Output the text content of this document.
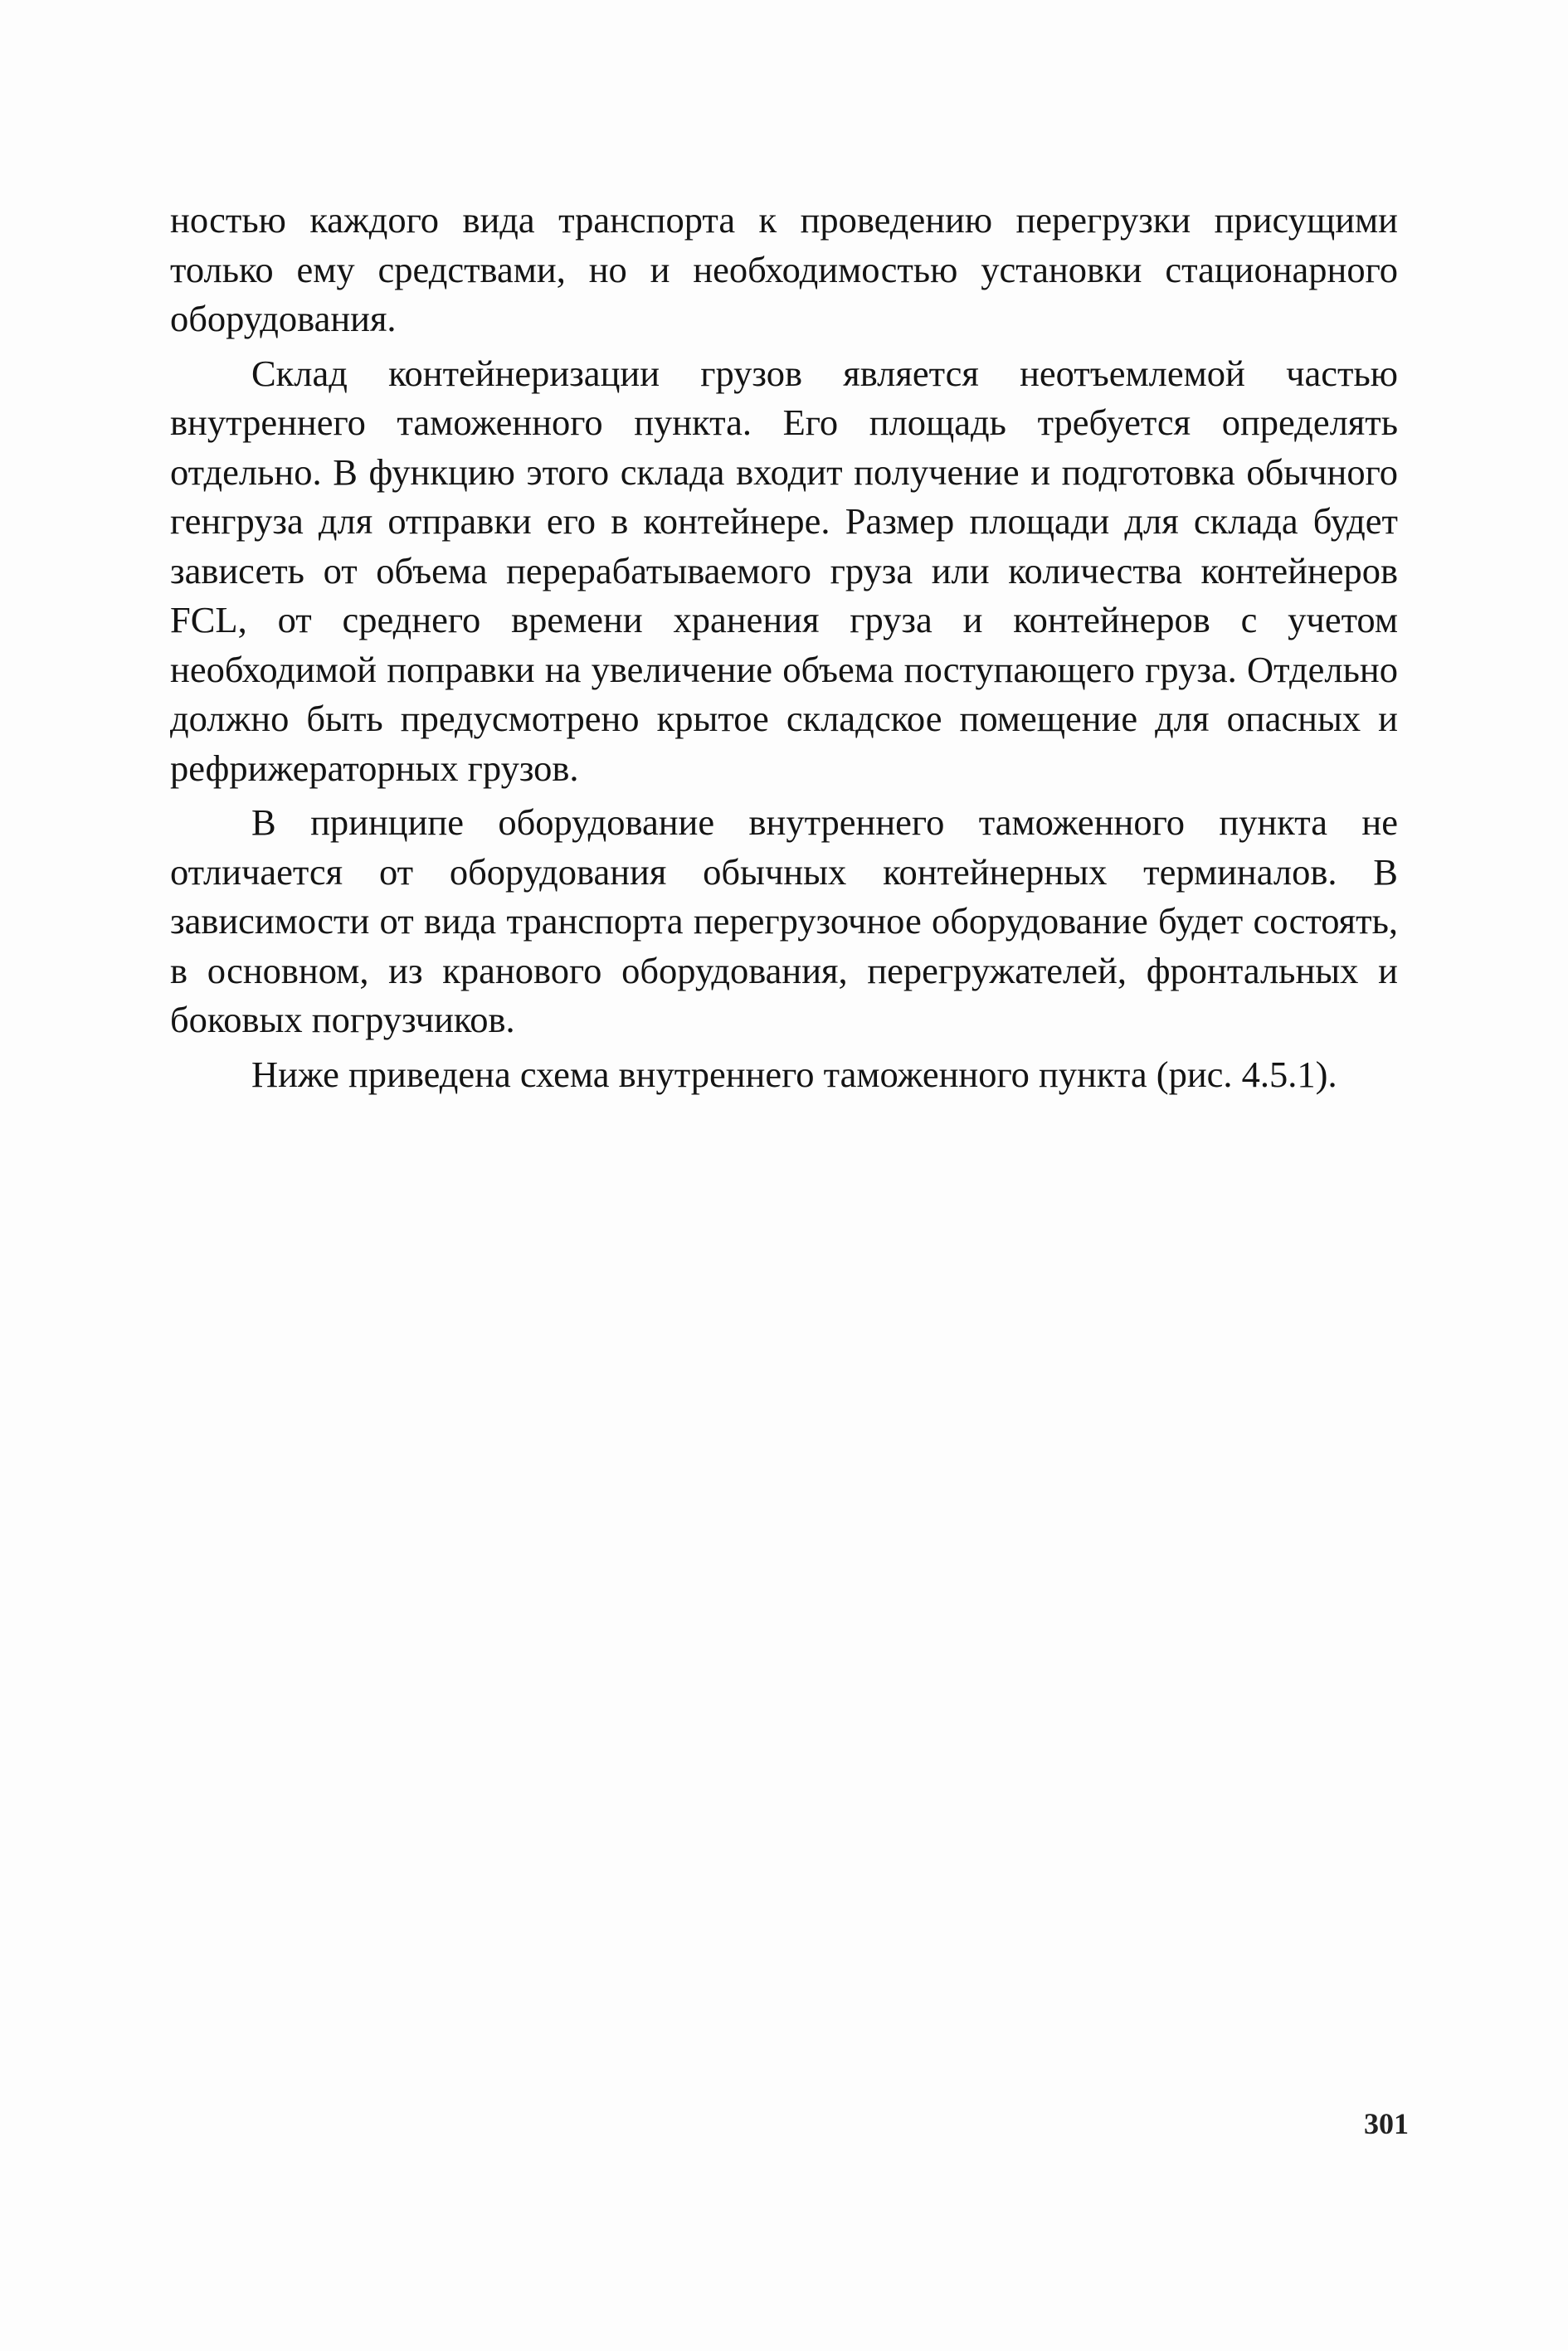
ностью каждого вида транспорта к проведению перегрузки присущими только ему средствами, но и необходимостью установки стационарного оборудования.

Склад контейнеризации грузов является неотъемлемой частью внутреннего таможенного пункта. Его площадь требуется определять отдельно. В функцию этого склада входит получение и подготовка обычного генгруза для отправки его в контейнере. Размер площади для склада будет зависеть от объема перерабатываемого груза или количества контейнеров FCL, от среднего времени хранения груза и контейнеров с учетом необходимой поправки на увеличение объема поступающего груза. Отдельно должно быть предусмотрено крытое складское помещение для опасных и рефрижераторных грузов.

В принципе оборудование внутреннего таможенного пункта не отличается от оборудования обычных контейнерных терминалов. В зависимости от вида транспорта перегрузочное оборудование будет состоять, в основном, из кранового оборудования, перегружателей, фронтальных и боковых погрузчиков.

Ниже приведена схема внутреннего таможенного пункта (рис. 4.5.1).

301
